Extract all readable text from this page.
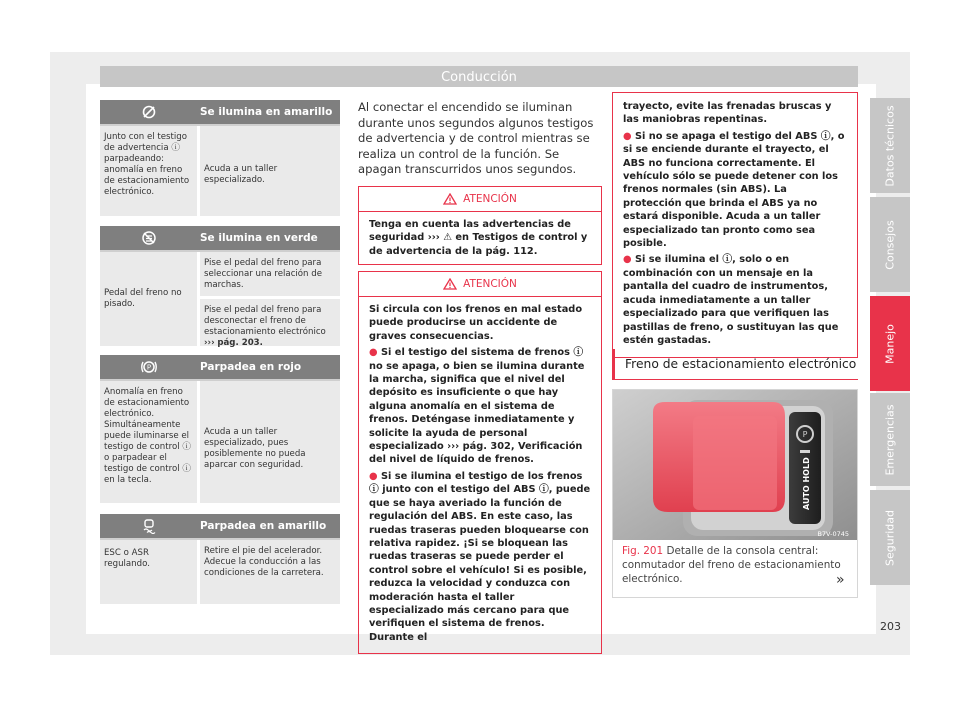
Conducción
Se ilumina en amarillo
Junto con el testigo de advertencia ⓘ parpadeando: anomalía en freno de estacionamiento electrónico.
Acuda a un taller especializado.
Se ilumina en verde
Pedal del freno no pisado.
Pise el pedal del freno para seleccionar una relación de marchas.
Pise el pedal del freno para desconectar el freno de estacionamiento electrónico ››› pág. 203.
P	Parpadea en rojo
Anomalía en freno de estacionamiento electrónico. Simultáneamente puede iluminarse el testigo de control ⓘ o parpadear el testigo de control ⓘ en la tecla.
Acuda a un taller especializado, pues posiblemente no pueda aparcar con seguridad.
Parpadea en amarillo
ESC o ASR regulando.
Retire el pie del acelerador. Adecue la conducción a las condiciones de la carretera.
Al conectar el encendido se iluminan durante unos segundos algunos testigos de advertencia y de control mientras se realiza un control de la función. Se apagan transcurridos unos segundos.
ATENCIÓN
Tenga en cuenta las advertencias de seguridad ››› ⚠ en Testigos de control y de advertencia de la pág. 112.
ATENCIÓN

Si circula con los frenos en mal estado puede producirse un accidente de graves consecuencias.

● Si el testigo del sistema de frenos ⓘ no se apaga, o bien se ilumina durante la marcha, significa que el nivel del depósito es insuficiente o que hay alguna anomalía en el sistema de frenos. Deténgase inmediatamente y solicite la ayuda de personal especializado ››› pág. 302, Verificación del nivel de líquido de frenos.

● Si se ilumina el testigo de los frenos ⓘ junto con el testigo del ABS ⓘ, puede que se haya averiado la función de regulación del ABS. En este caso, las ruedas traseras pueden bloquearse con relativa rapidez. ¡Si se bloquean las ruedas traseras se puede perder el control sobre el vehículo! Si es posible, reduzca la velocidad y conduzca con moderación hasta el taller especializado más cercano para que verifiquen el sistema de frenos. Durante el

trayecto, evite las frenadas bruscas y las maniobras repentinas.

● Si no se apaga el testigo del ABS ⓘ, o si se enciende durante el trayecto, el ABS no funciona correctamente. El vehículo sólo se puede detener con los frenos normales (sin ABS). La protección que brinda el ABS ya no estará disponible. Acuda a un taller especializado tan pronto como sea posible.

● Si se ilumina el ⓘ, solo o en combinación con un mensaje en la pantalla del cuadro de instrumentos, acuda inmediatamente a un taller especializado para que verifiquen las pastillas de freno, o sustituyan las que estén gastadas.

Freno de estacionamiento electrónico
P
AUTO HOLD
B7V-0745
Fig. 201 Detalle de la consola central: conmutador del freno de estacionamiento electrónico.	»
Datos técnicos
Consejos
Manejo
Emergencias
Seguridad
203
